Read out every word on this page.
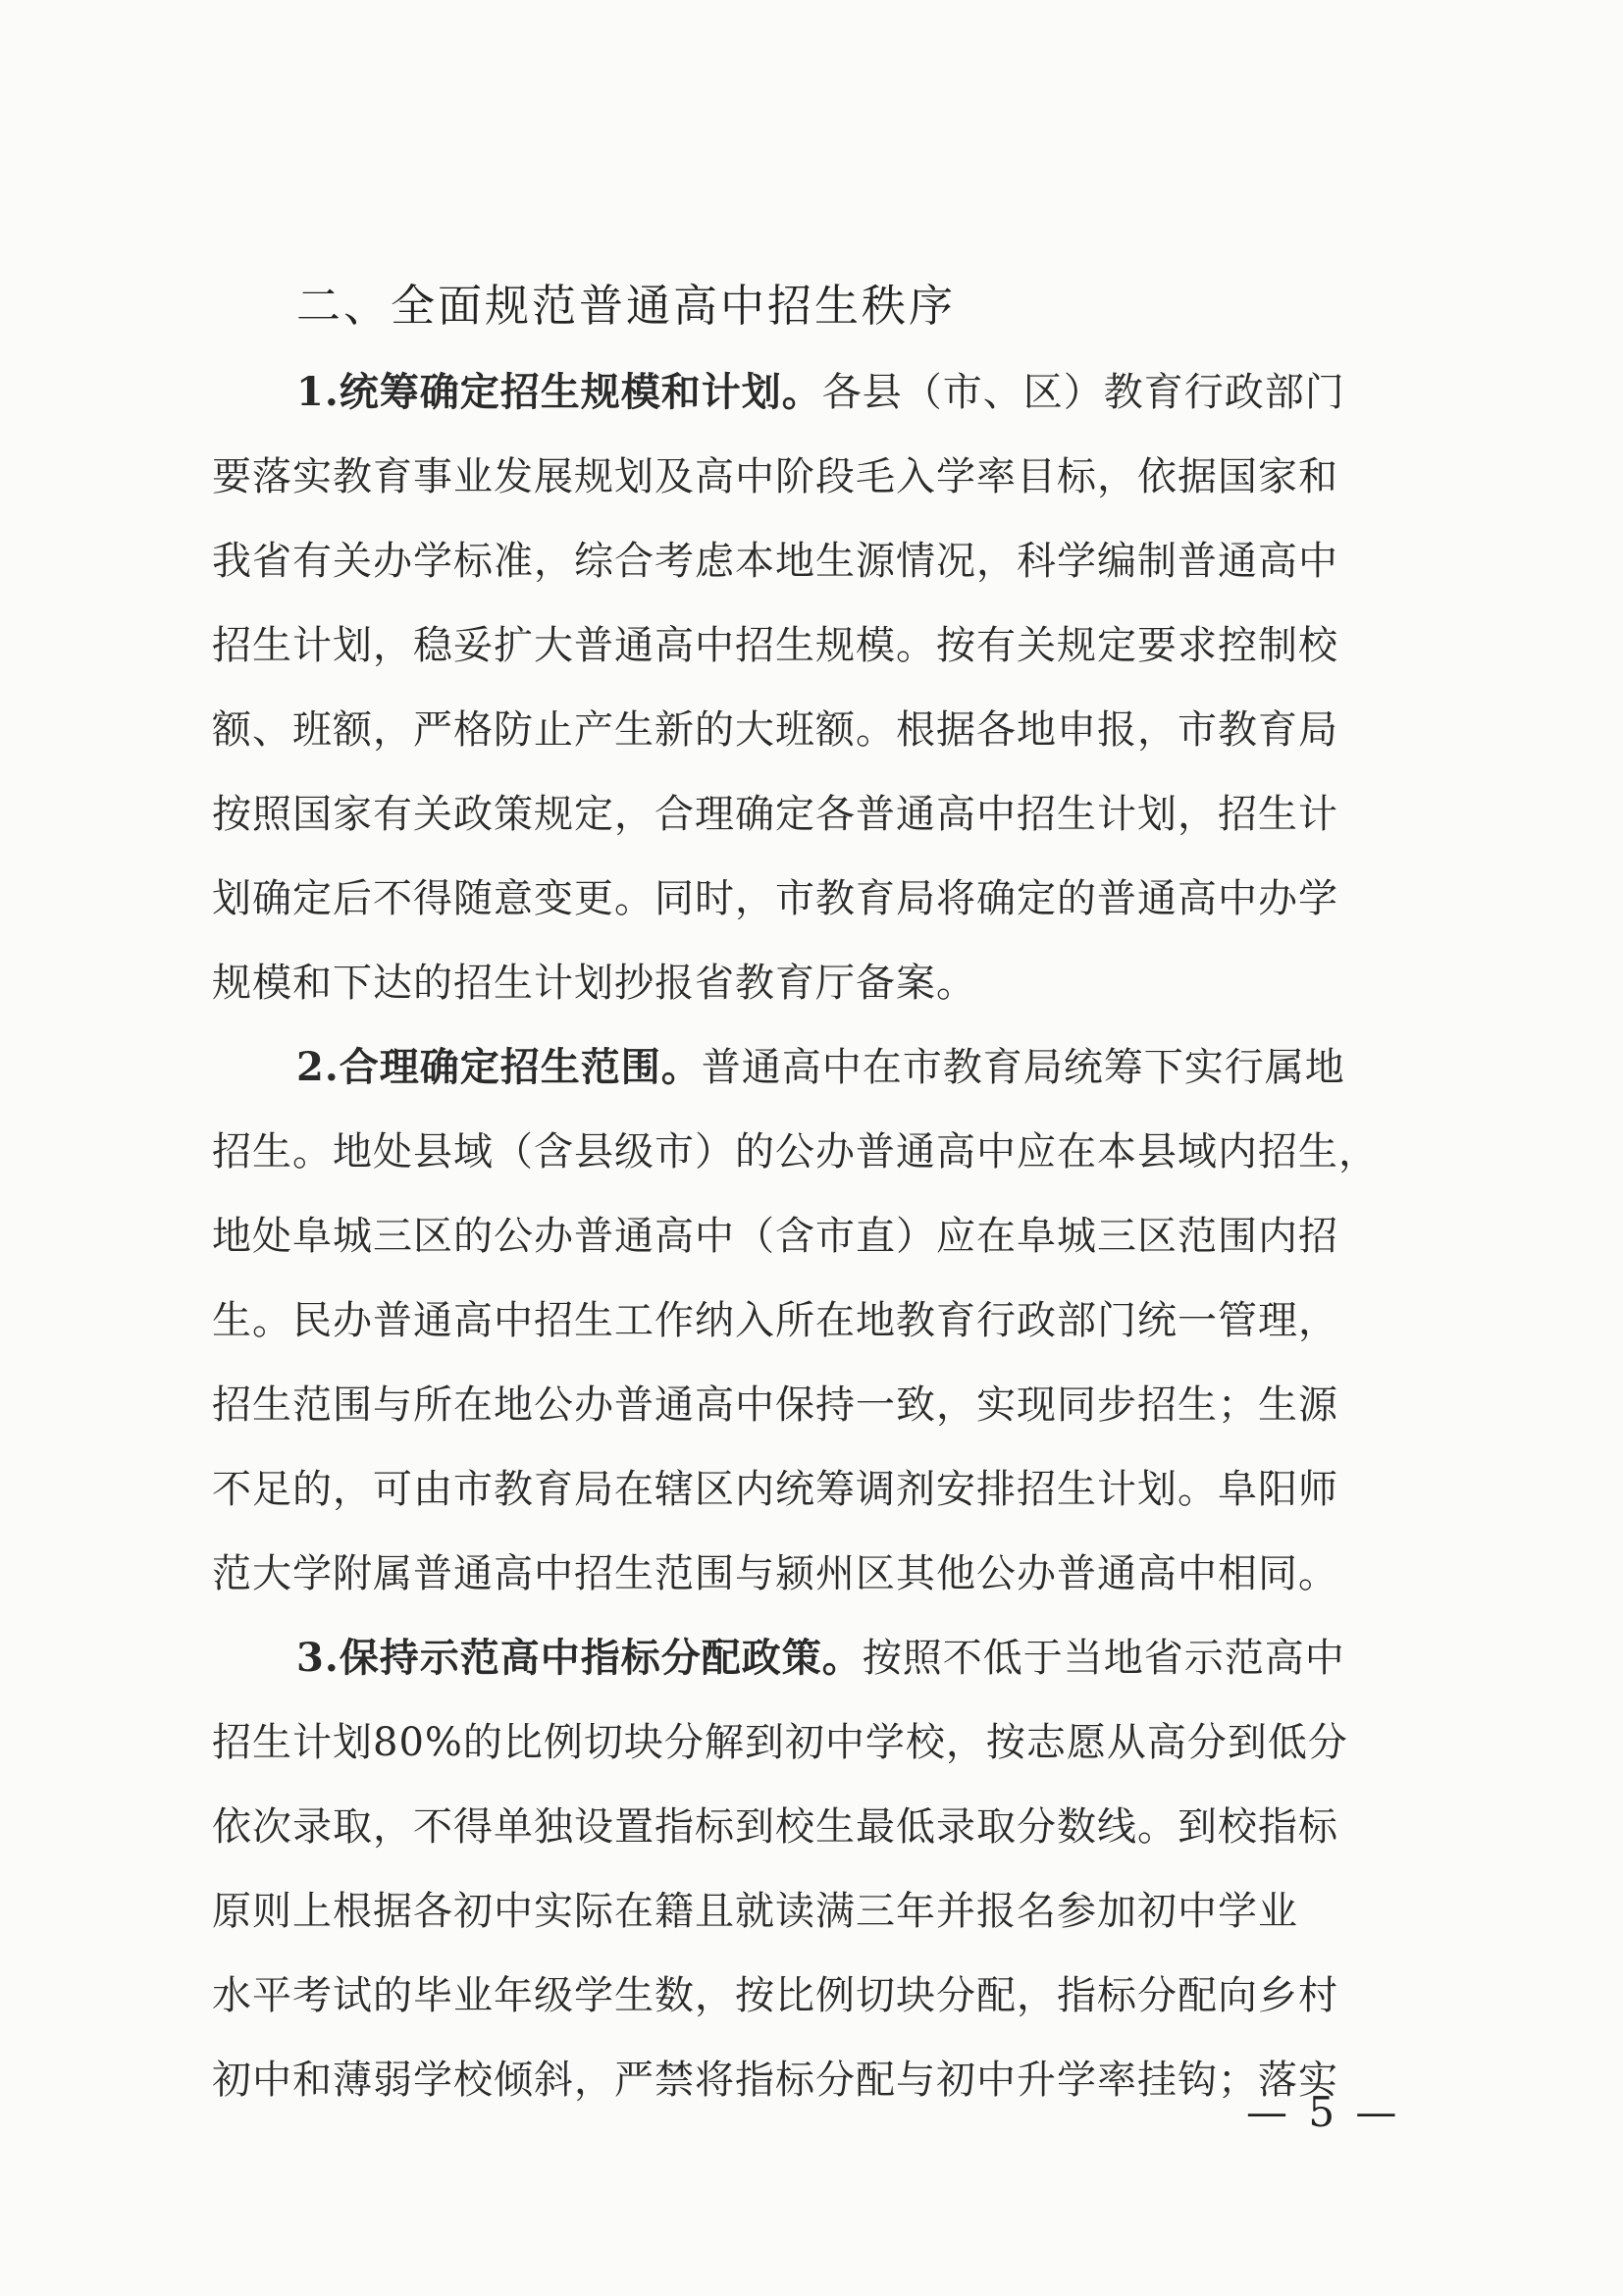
二、全面规范普通高中招生秩序
1.统筹确定招生规模和计划。各县（市、区）教育行政部门
要落实教育事业发展规划及高中阶段毛入学率目标，依据国家和
我省有关办学标准，综合考虑本地生源情况，科学编制普通高中
招生计划，稳妥扩大普通高中招生规模。按有关规定要求控制校
额、班额，严格防止产生新的大班额。根据各地申报，市教育局
按照国家有关政策规定，合理确定各普通高中招生计划，招生计
划确定后不得随意变更。同时，市教育局将确定的普通高中办学
规模和下达的招生计划抄报省教育厅备案。
2.合理确定招生范围。普通高中在市教育局统筹下实行属地
招生。地处县域（含县级市）的公办普通高中应在本县域内招生，
地处阜城三区的公办普通高中（含市直）应在阜城三区范围内招
生。民办普通高中招生工作纳入所在地教育行政部门统一管理，
招生范围与所在地公办普通高中保持一致，实现同步招生；生源
不足的，可由市教育局在辖区内统筹调剂安排招生计划。阜阳师
范大学附属普通高中招生范围与颍州区其他公办普通高中相同。
3.保持示范高中指标分配政策。按照不低于当地省示范高中
招生计划80%的比例切块分解到初中学校，按志愿从高分到低分
依次录取，不得单独设置指标到校生最低录取分数线。到校指标
原则上根据各初中实际在籍且就读满三年并报名参加初中学业
水平考试的毕业年级学生数，按比例切块分配，指标分配向乡村
初中和薄弱学校倾斜，严禁将指标分配与初中升学率挂钩；落实
— 5 —
